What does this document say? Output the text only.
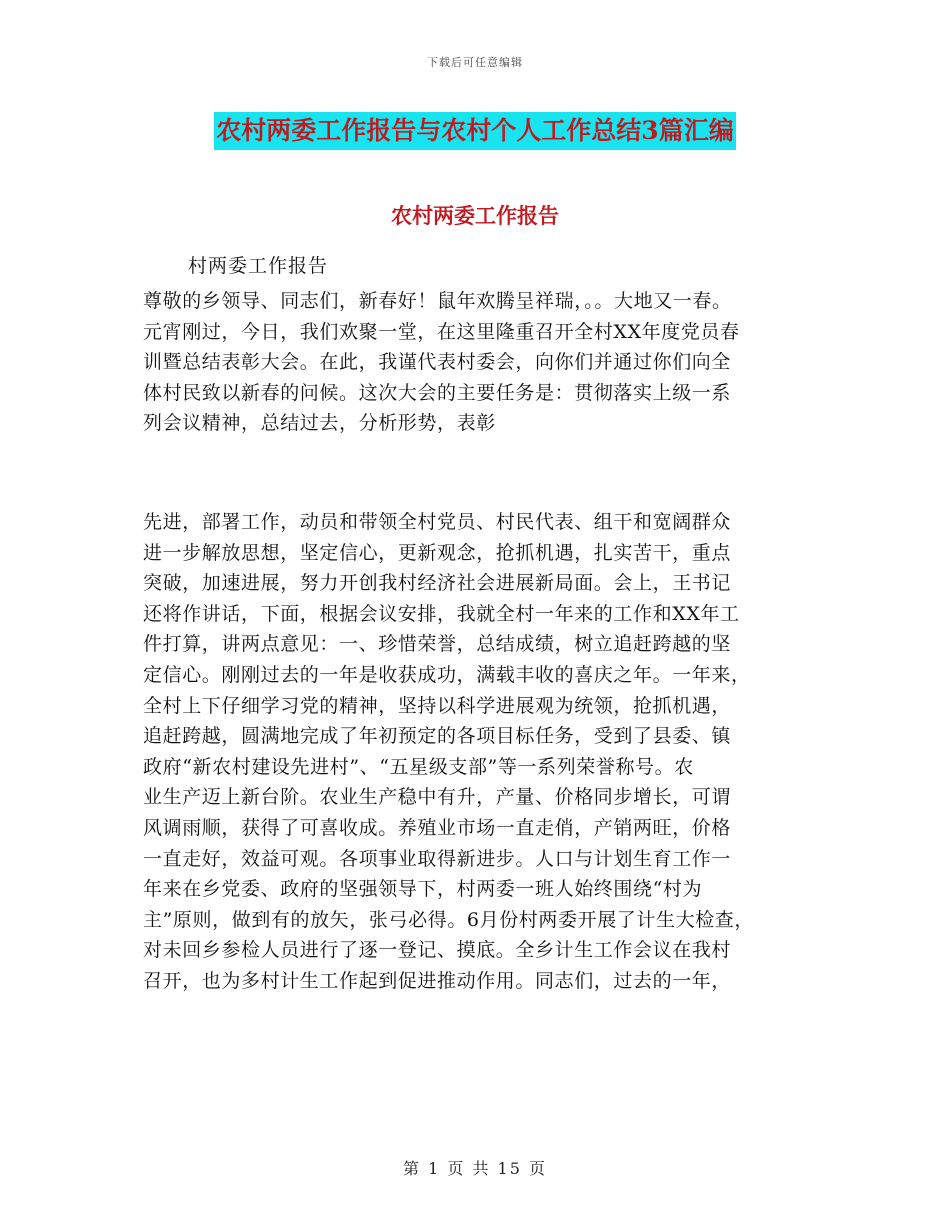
下载后可任意编辑
农村两委工作报告与农村个人工作总结3篇汇编
农村两委工作报告
村两委工作报告
尊敬的乡领导、同志们，新春好！鼠年欢腾呈祥瑞，。。大地又一春。
元宵刚过，今日，我们欢聚一堂，在这里隆重召开全村XX年度党员春
训暨总结表彰大会。在此，我谨代表村委会，向你们并通过你们向全
体村民致以新春的问候。这次大会的主要任务是：贯彻落实上级一系
列会议精神，总结过去，分析形势，表彰
先进，部署工作，动员和带领全村党员、村民代表、组干和宽阔群众
进一步解放思想，坚定信心，更新观念，抢抓机遇，扎实苦干，重点
突破，加速进展，努力开创我村经济社会进展新局面。会上，王书记
还将作讲话，下面，根据会议安排，我就全村一年来的工作和XX年工
件打算，讲两点意见：一、珍惜荣誉，总结成绩，树立追赶跨越的坚
定信心。刚刚过去的一年是收获成功，满载丰收的喜庆之年。一年来，
全村上下仔细学习党的精神，坚持以科学进展观为统领，抢抓机遇，
追赶跨越，圆满地完成了年初预定的各项目标任务，受到了县委、镇
政府“新农村建设先进村”、“五星级支部”等一系列荣誉称号。农
业生产迈上新台阶。农业生产稳中有升，产量、价格同步增长，可谓
风调雨顺，获得了可喜收成。养殖业市场一直走俏，产销两旺，价格
一直走好，效益可观。各项事业取得新进步。人口与计划生育工作一
年来在乡党委、政府的坚强领导下，村两委一班人始终围绕“村为
主”原则，做到有的放矢，张弓必得。6月份村两委开展了计生大检查，
对未回乡参检人员进行了逐一登记、摸底。全乡计生工作会议在我村
召开，也为多村计生工作起到促进推动作用。同志们，过去的一年，
第 1 页 共 15 页
